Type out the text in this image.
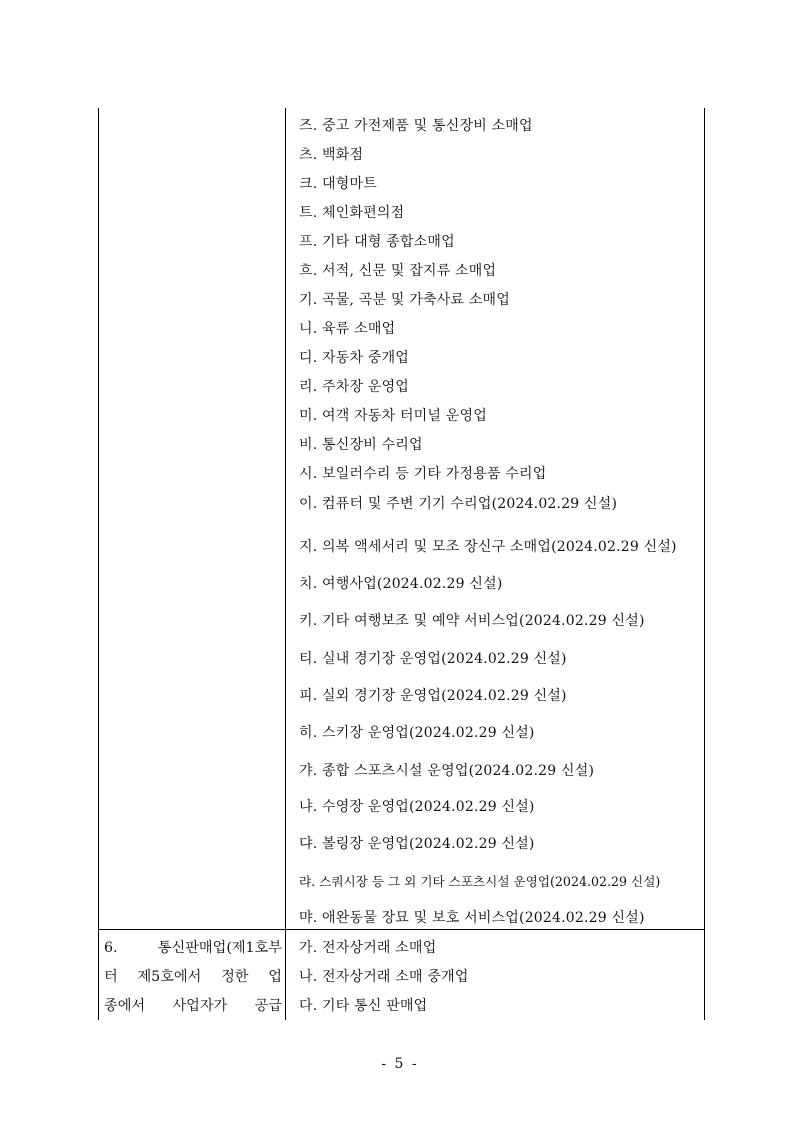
즈. 중고 가전제품 및 통신장비 소매업
츠. 백화점
크. 대형마트
트. 체인화편의점
프. 기타 대형 종합소매업
흐. 서적, 신문 및 잡지류 소매업
기. 곡물, 곡분 및 가축사료 소매업
니. 육류 소매업
디. 자동차 중개업
리. 주차장 운영업
미. 여객 자동차 터미널 운영업
비. 통신장비 수리업
시. 보일러수리 등 기타 가정용품 수리업
이. 컴퓨터 및 주변 기기 수리업(2024.02.29 신설)
지. 의복 액세서리 및 모조 장신구 소매업(2024.02.29 신설)
치. 여행사업(2024.02.29 신설)
키. 기타 여행보조 및 예약 서비스업(2024.02.29 신설)
티. 실내 경기장 운영업(2024.02.29 신설)
피. 실외 경기장 운영업(2024.02.29 신설)
히. 스키장 운영업(2024.02.29 신설)
갸. 종합 스포츠시설 운영업(2024.02.29 신설)
냐. 수영장 운영업(2024.02.29 신설)
댜. 볼링장 운영업(2024.02.29 신설)
랴. 스쿼시장 등 그 외 기타 스포츠시설 운영업(2024.02.29 신설)
먀. 애완동물 장묘 및 보호 서비스업(2024.02.29 신설)
가. 전자상거래 소매업
나. 전자상거래 소매 중개업
다. 기타 통신 판매업
6. 통신판매업(제1호부
터 제5호에서 정한 업
종에서 사업자가 공급
- 5 -
